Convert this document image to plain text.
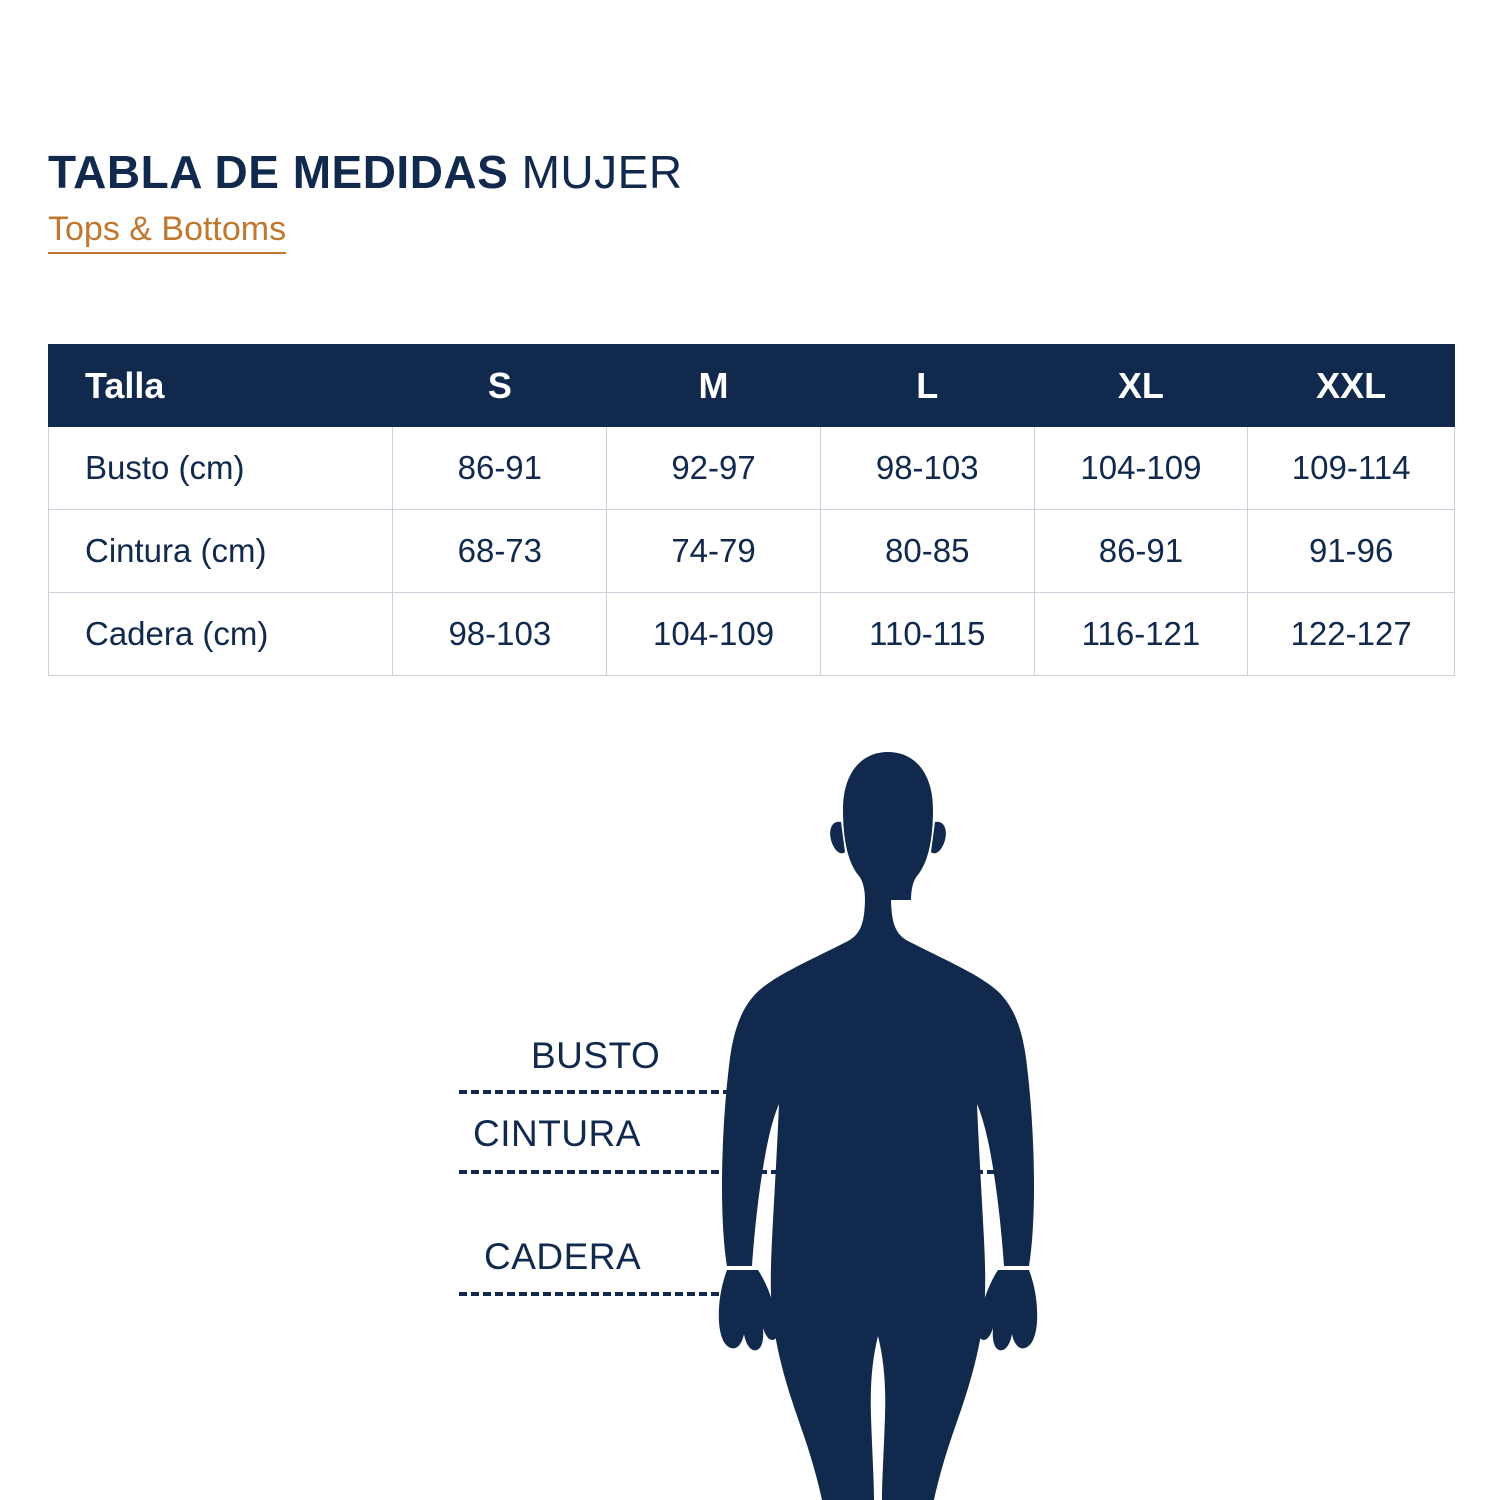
TABLA DE MEDIDAS MUJER
Tops & Bottoms
Talla	S	M	L	XL	XXL
Busto (cm)	86-91	92-97	98-103	104-109	109-114
Cintura (cm)	68-73	74-79	80-85	86-91	91-96
Cadera (cm)	98-103	104-109	110-115	116-121	122-127
BUSTO
CINTURA
CADERA
